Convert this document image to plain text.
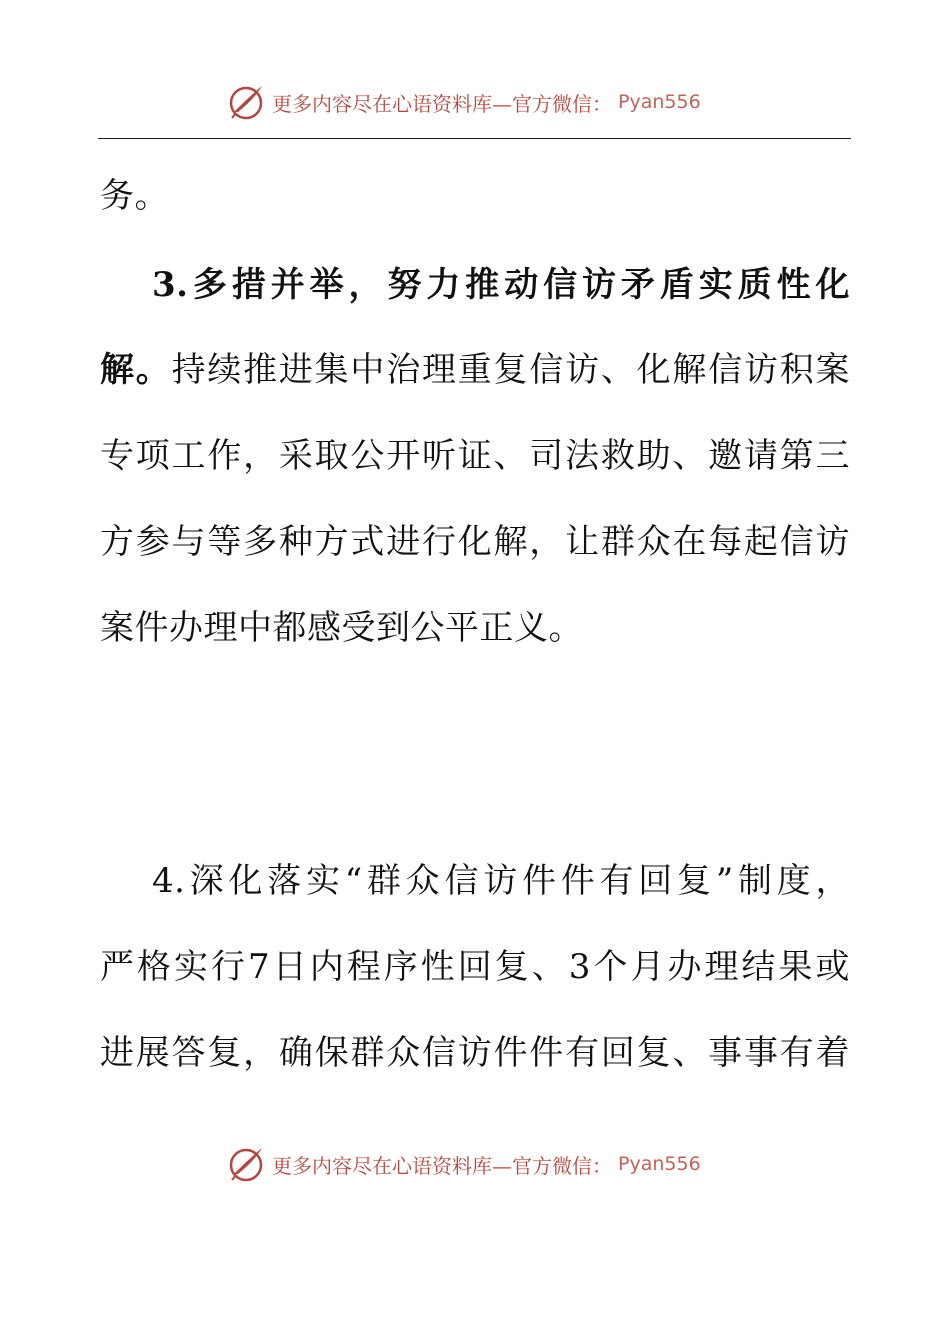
更多内容尽在心语资料库—官方微信： Pyan556
务。
3.多措并举，努力推动信访矛盾实质性化
解。持续推进集中治理重复信访、化解信访积案
专项工作，采取公开听证、司法救助、邀请第三
方参与等多种方式进行化解，让群众在每起信访
案件办理中都感受到公平正义。
4.深化落实“群众信访件件有回复”制度，
严格实行7日内程序性回复、3个月办理结果或
进展答复，确保群众信访件件有回复、事事有着
更多内容尽在心语资料库—官方微信： Pyan556
